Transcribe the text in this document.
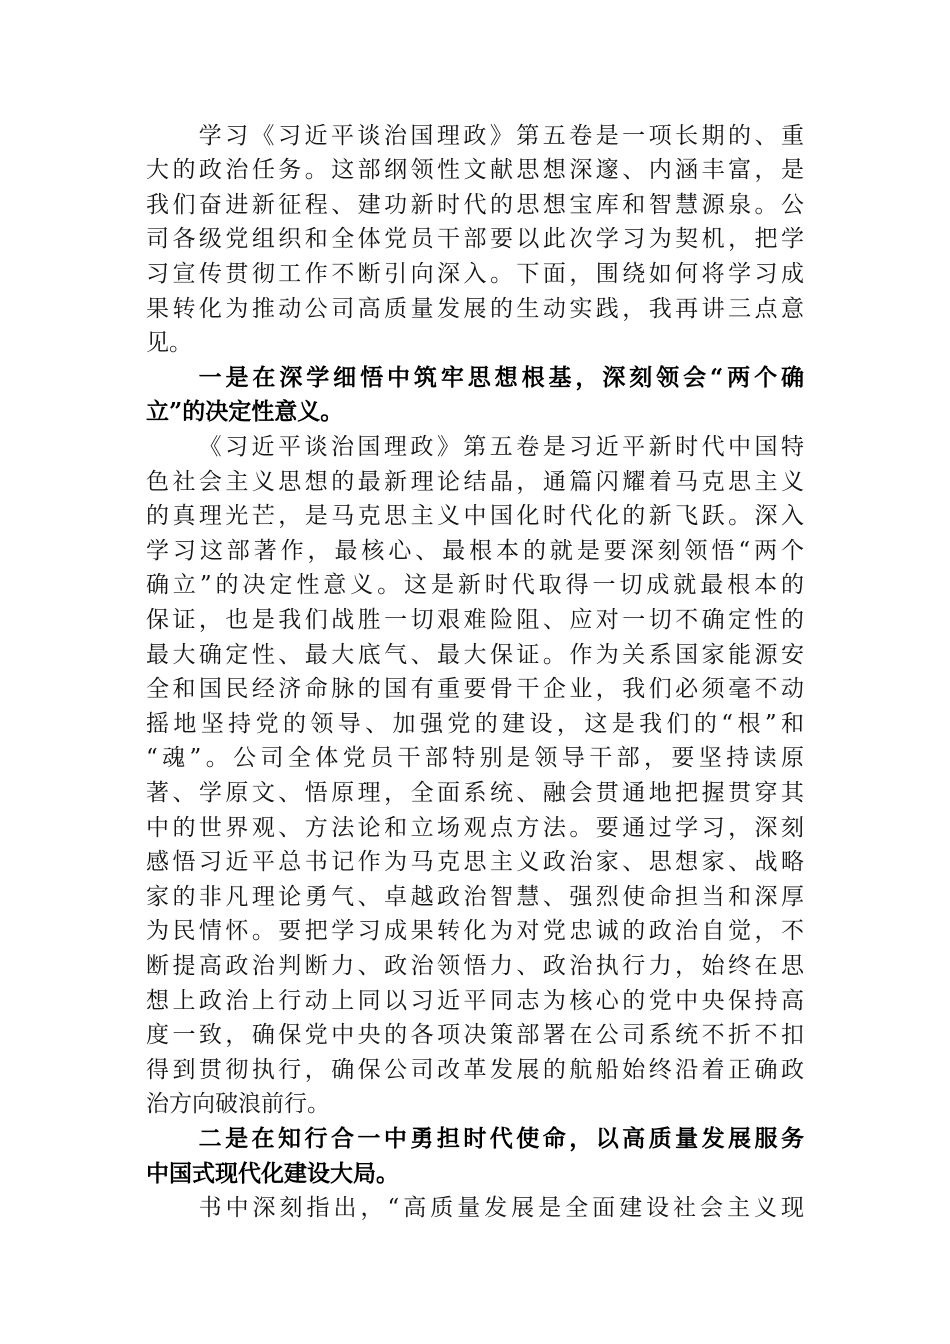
学习《习近平谈治国理政》第五卷是一项长期的、重
大的政治任务。这部纲领性文献思想深邃、内涵丰富，是
我们奋进新征程、建功新时代的思想宝库和智慧源泉。公
司各级党组织和全体党员干部要以此次学习为契机，把学
习宣传贯彻工作不断引向深入。下面，围绕如何将学习成
果转化为推动公司高质量发展的生动实践，我再讲三点意
见。
一是在深学细悟中筑牢思想根基，深刻领会“两个确
立”的决定性意义。
《习近平谈治国理政》第五卷是习近平新时代中国特
色社会主义思想的最新理论结晶，通篇闪耀着马克思主义
的真理光芒，是马克思主义中国化时代化的新飞跃。深入
学习这部著作，最核心、最根本的就是要深刻领悟“两个
确立”的决定性意义。这是新时代取得一切成就最根本的
保证，也是我们战胜一切艰难险阻、应对一切不确定性的
最大确定性、最大底气、最大保证。作为关系国家能源安
全和国民经济命脉的国有重要骨干企业，我们必须毫不动
摇地坚持党的领导、加强党的建设，这是我们的“根”和
“魂”。公司全体党员干部特别是领导干部，要坚持读原
著、学原文、悟原理，全面系统、融会贯通地把握贯穿其
中的世界观、方法论和立场观点方法。要通过学习，深刻
感悟习近平总书记作为马克思主义政治家、思想家、战略
家的非凡理论勇气、卓越政治智慧、强烈使命担当和深厚
为民情怀。要把学习成果转化为对党忠诚的政治自觉，不
断提高政治判断力、政治领悟力、政治执行力，始终在思
想上政治上行动上同以习近平同志为核心的党中央保持高
度一致，确保党中央的各项决策部署在公司系统不折不扣
得到贯彻执行，确保公司改革发展的航船始终沿着正确政
治方向破浪前行。
二是在知行合一中勇担时代使命，以高质量发展服务
中国式现代化建设大局。
书中深刻指出，“高质量发展是全面建设社会主义现
